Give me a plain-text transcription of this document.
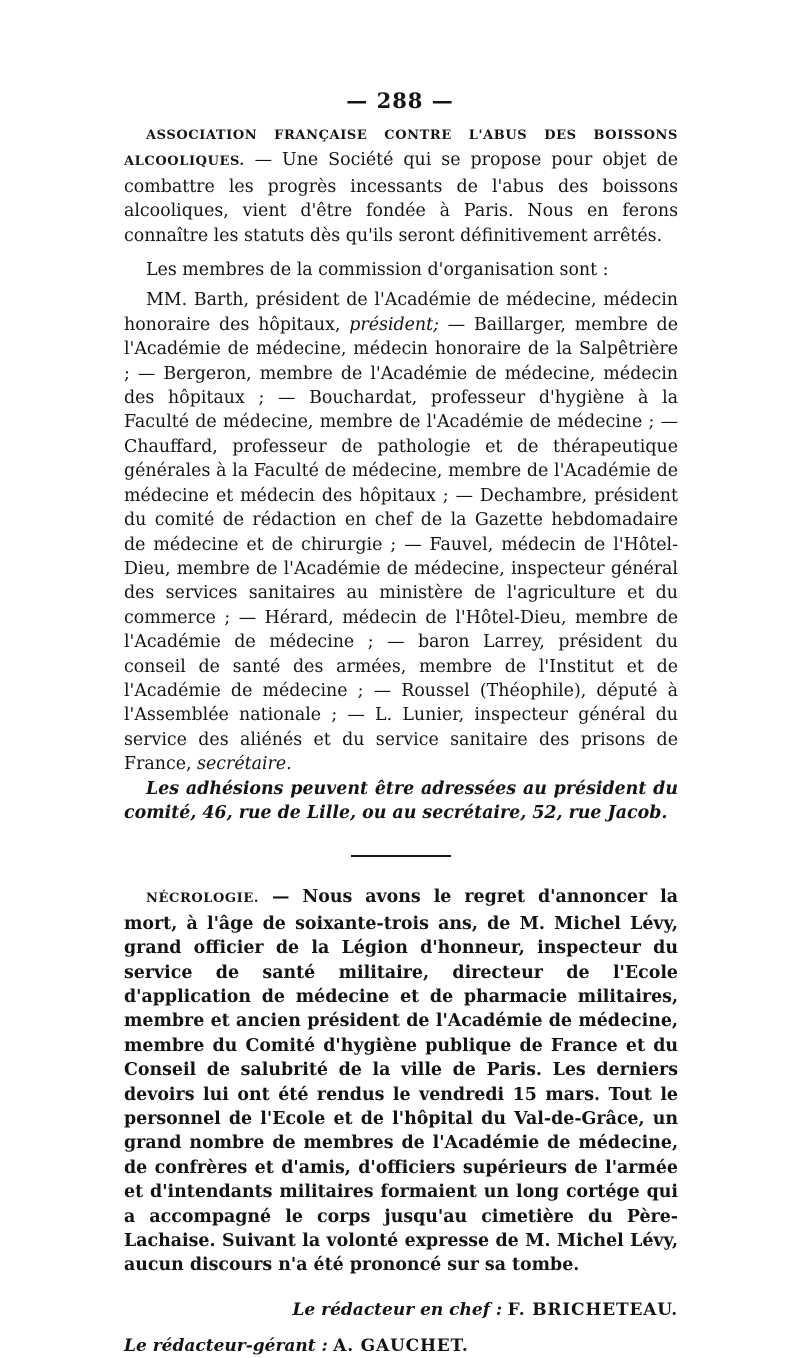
— 288 —

ASSOCIATION FRANÇAISE CONTRE L'ABUS DES BOISSONS ALCOOLIQUES. — Une Société qui se propose pour objet de combattre les progrès incessants de l'abus des boissons alcooliques, vient d'être fondée à Paris. Nous en ferons connaître les statuts dès qu'ils seront définitivement arrêtés.

Les membres de la commission d'organisation sont :

MM. Barth, président de l'Académie de médecine, médecin honoraire des hôpitaux, président; — Baillarger, membre de l'Académie de médecine, médecin honoraire de la Salpêtrière ; — Bergeron, membre de l'Académie de médecine, médecin des hôpitaux ; — Bouchardat, professeur d'hygiène à la Faculté de médecine, membre de l'Académie de médecine ; — Chauffard, professeur de pathologie et de thérapeutique générales à la Faculté de médecine, membre de l'Académie de médecine et médecin des hôpitaux ; — Dechambre, président du comité de rédaction en chef de la Gazette hebdomadaire de médecine et de chirurgie ; — Fauvel, médecin de l'Hôtel-Dieu, membre de l'Académie de médecine, inspecteur général des services sanitaires au ministère de l'agriculture et du commerce ; — Hérard, médecin de l'Hôtel-Dieu, membre de l'Académie de médecine ; — baron Larrey, président du conseil de santé des armées, membre de l'Institut et de l'Académie de médecine ; — Roussel (Théophile), député à l'Assemblée nationale ; — L. Lunier, inspecteur général du service des aliénés et du service sanitaire des prisons de France, secrétaire.

Les adhésions peuvent être adressées au président du comité, 46, rue de Lille, ou au secrétaire, 52, rue Jacob.

NÉCROLOGIE. — Nous avons le regret d'annoncer la mort, à l'âge de soixante-trois ans, de M. Michel Lévy, grand officier de la Légion d'honneur, inspecteur du service de santé militaire, directeur de l'Ecole d'application de médecine et de pharmacie militaires, membre et ancien président de l'Académie de médecine, membre du Comité d'hygiène publique de France et du Conseil de salubrité de la ville de Paris. Les derniers devoirs lui ont été rendus le vendredi 15 mars. Tout le personnel de l'Ecole et de l'hôpital du Val-de-Grâce, un grand nombre de membres de l'Académie de médecine, de confrères et d'amis, d'officiers supérieurs de l'armée et d'intendants militaires formaient un long cortége qui a accompagné le corps jusqu'au cimetière du Père-Lachaise. Suivant la volonté expresse de M. Michel Lévy, aucun discours n'a été prononcé sur sa tombe.

Le rédacteur en chef : F. BRICHETEAU.
Le rédacteur-gérant : A. GAUCHET.
